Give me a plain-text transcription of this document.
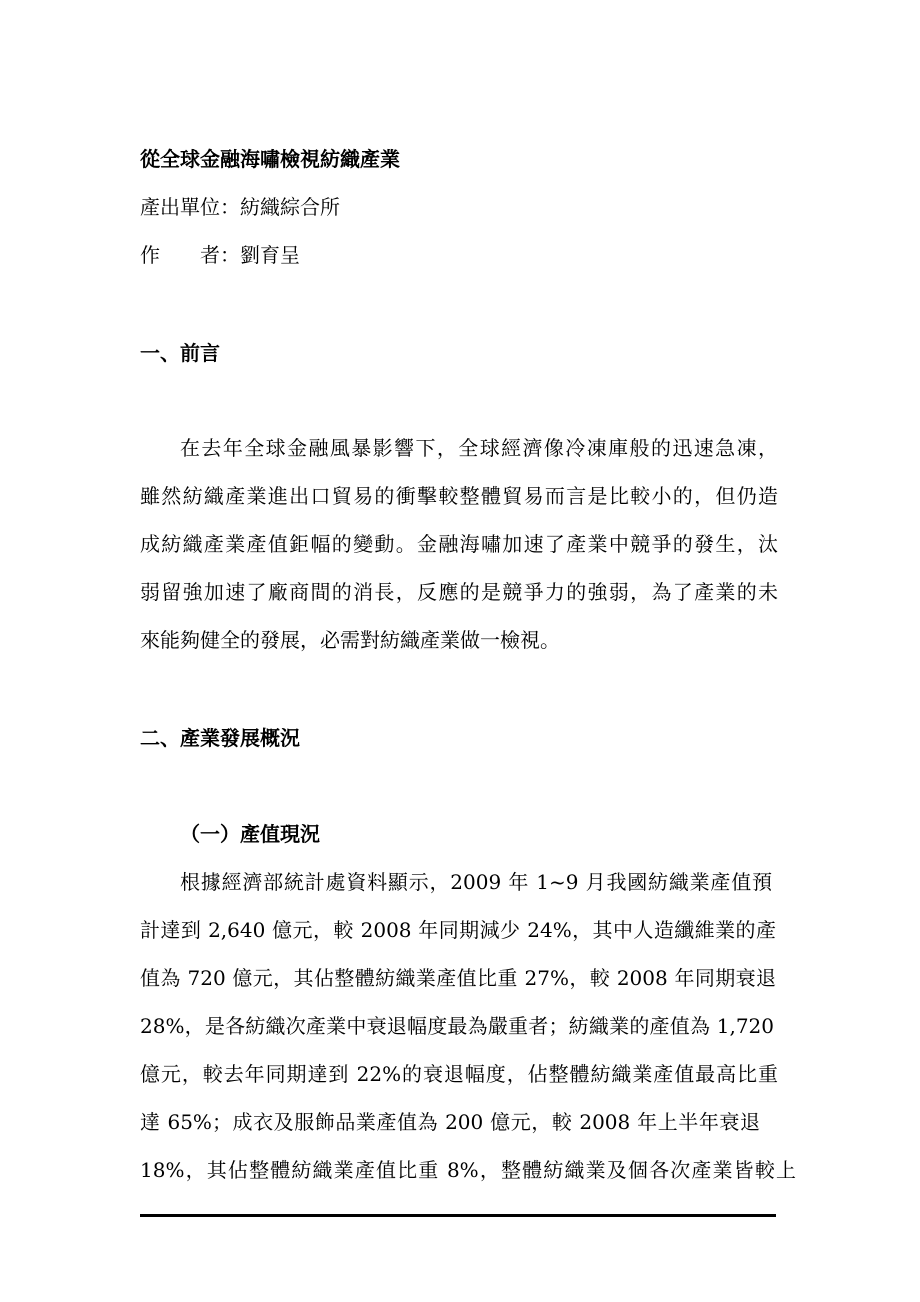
從全球金融海嘯檢視紡織產業
產出單位：紡織綜合所
作 者：劉育呈
一、前言
在去年全球金融風暴影響下，全球經濟像冷凍庫般的迅速急凍，
雖然紡織產業進出口貿易的衝擊較整體貿易而言是比較小的，但仍造
成紡織產業產值鉅幅的變動。金融海嘯加速了產業中競爭的發生，汰
弱留強加速了廠商間的消長，反應的是競爭力的強弱，為了產業的未
來能夠健全的發展，必需對紡織產業做一檢視。
二、產業發展概況
（一）產值現況
根據經濟部統計處資料顯示，2009 年 1~9 月我國紡織業產值預
計達到 2,640 億元，較 2008 年同期減少 24%，其中人造纖維業的產
值為 720 億元，其佔整體紡織業產值比重 27%，較 2008 年同期衰退
28%，是各紡織次產業中衰退幅度最為嚴重者；紡織業的產值為 1,720
億元，較去年同期達到 22%的衰退幅度，佔整體紡織業產值最高比重
達 65%；成衣及服飾品業產值為 200 億元，較 2008 年上半年衰退
18%，其佔整體紡織業產值比重 8%，整體紡織業及個各次產業皆較上
